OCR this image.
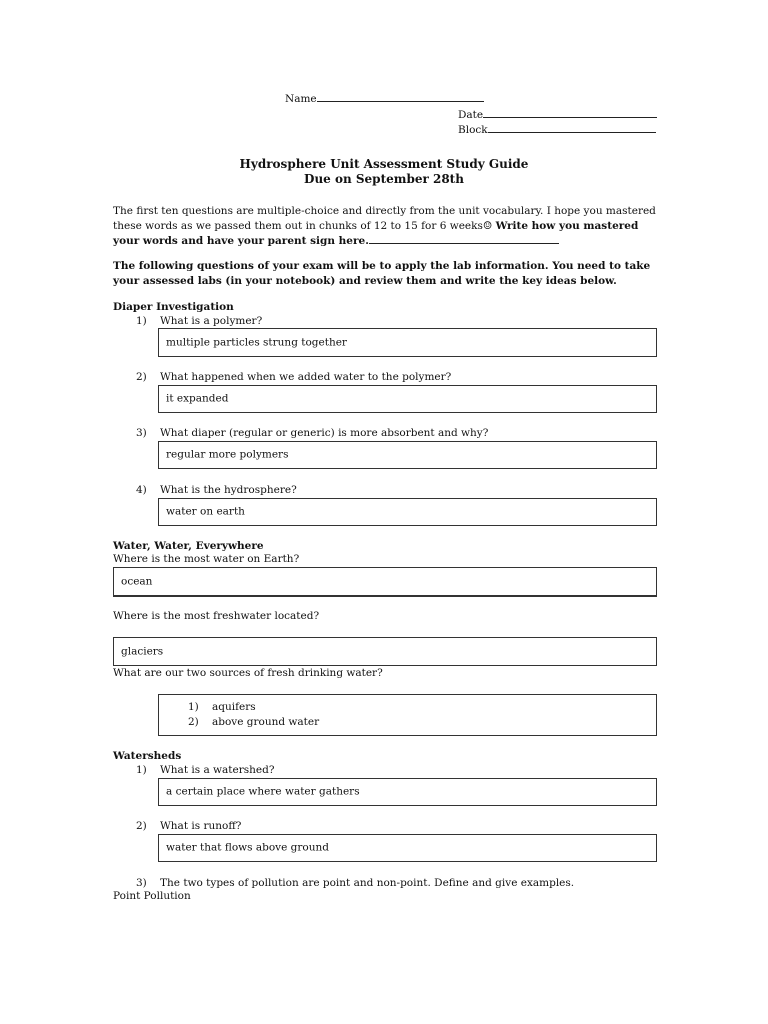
Name
Date
Block
Hydrosphere Unit Assessment Study Guide
Due on September 28th
The first ten questions are multiple-choice and directly from the unit vocabulary. I hope you mastered these words as we passed them out in chunks of 12 to 15 for 6 weeks☺ Write how you mastered your words and have your parent sign here.
The following questions of your exam will be to apply the lab information. You need to take your assessed labs (in your notebook) and review them and write the key ideas below.
Diaper Investigation
1) What is a polymer?
multiple particles strung together
2) What happened when we added water to the polymer?
it expanded
3) What diaper (regular or generic) is more absorbent and why?
regular more polymers
4) What is the hydrosphere?
water on earth
Water, Water, Everywhere
Where is the most water on Earth?
ocean
Where is the most freshwater located?
glaciers
What are our two sources of fresh drinking water?
1) aquifers
2) above ground water
Watersheds
1) What is a watershed?
a certain place where water gathers
2) What is runoff?
water that flows above ground
3) The two types of pollution are point and non-point. Define and give examples.
Point Pollution
